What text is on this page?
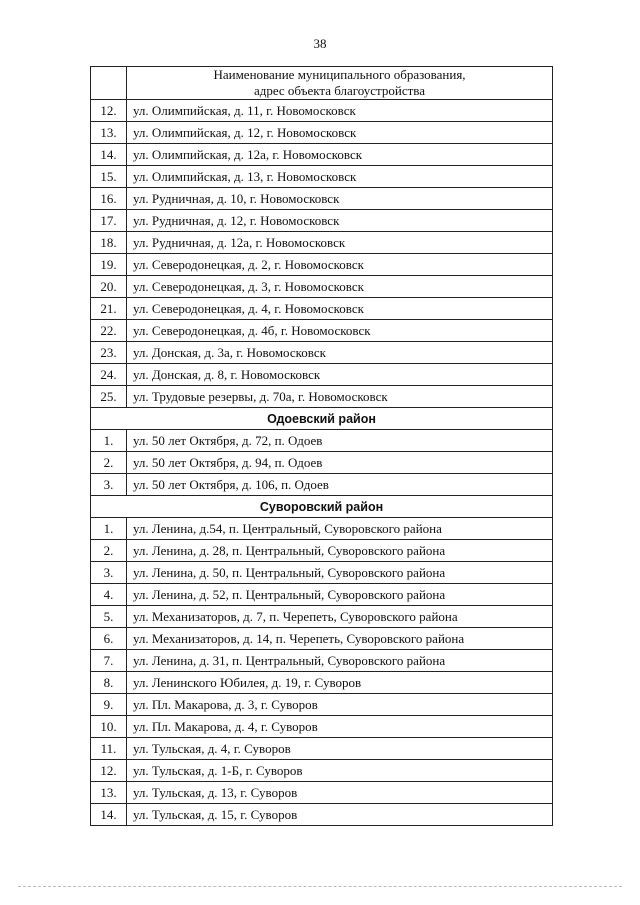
38

	Наименование муниципального образования,
адрес объекта благоустройства

12.	ул. Олимпийская, д. 11, г. Новомосковск
13.	ул. Олимпийская, д. 12, г. Новомосковск
14.	ул. Олимпийская, д. 12а, г. Новомосковск
15.	ул. Олимпийская, д. 13, г. Новомосковск
16.	ул. Рудничная, д. 10, г. Новомосковск
17.	ул. Рудничная, д. 12, г. Новомосковск
18.	ул. Рудничная, д. 12а, г. Новомосковск
19.	ул. Северодонецкая, д. 2, г. Новомосковск
20.	ул. Северодонецкая, д. 3, г. Новомосковск
21.	ул. Северодонецкая, д. 4, г. Новомосковск
22.	ул. Северодонецкая, д. 4б, г. Новомосковск
23.	ул. Донская, д. 3а, г. Новомосковск
24.	ул. Донская, д. 8, г. Новомосковск
25.	ул. Трудовые резервы, д. 70а, г. Новомосковск
Одоевский район	
1.	ул. 50 лет Октября, д. 72, п. Одоев
2.	ул. 50 лет Октября, д. 94, п. Одоев
3.	ул. 50 лет Октября, д. 106, п. Одоев
Суворовский район	
1.	ул. Ленина, д.54, п. Центральный, Суворовского района
2.	ул. Ленина, д. 28, п. Центральный, Суворовского района
3.	ул. Ленина, д. 50, п. Центральный, Суворовского района
4.	ул. Ленина, д. 52, п. Центральный, Суворовского района
5.	ул. Механизаторов, д. 7, п. Черепеть, Суворовского района
6.	ул. Механизаторов, д. 14, п. Черепеть, Суворовского района
7.	ул. Ленина, д. 31, п. Центральный, Суворовского района
8.	ул. Ленинского Юбилея, д. 19, г. Суворов
9.	ул. Пл. Макарова, д. 3, г. Суворов
10.	ул. Пл. Макарова, д. 4, г. Суворов
11.	ул. Тульская, д. 4, г. Суворов
12.	ул. Тульская, д. 1-Б, г. Суворов
13.	ул. Тульская, д. 13, г. Суворов
14.	ул. Тульская, д. 15, г. Суворов
